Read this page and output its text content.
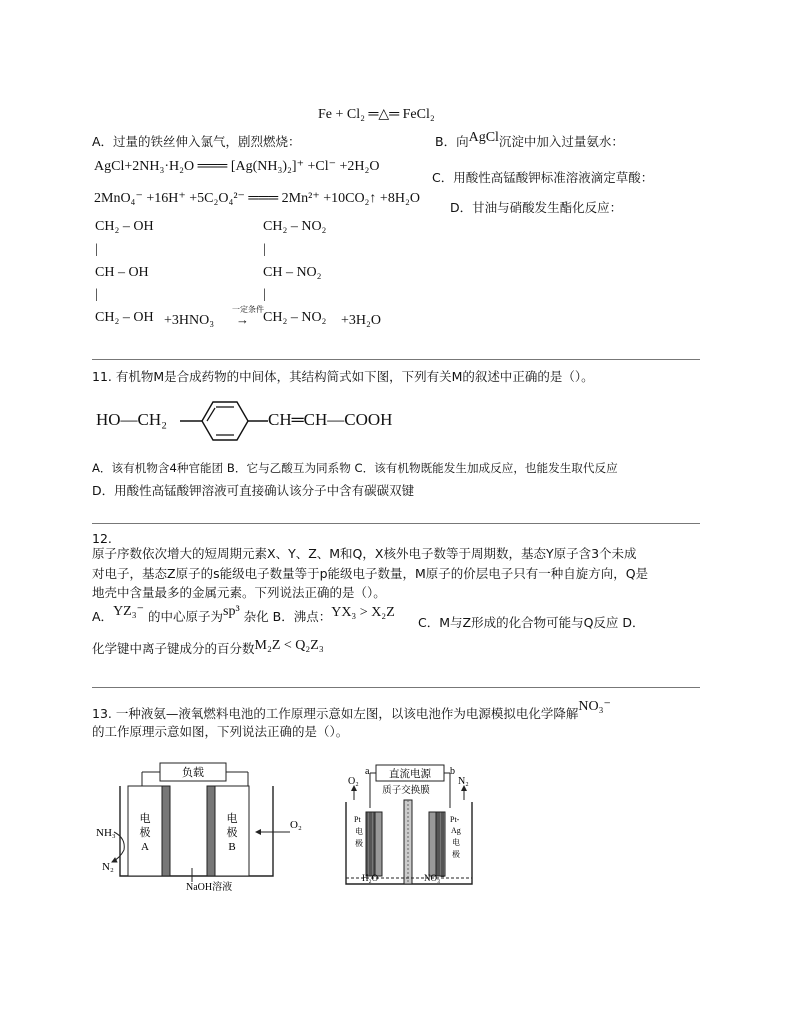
Fe + Cl₂ ═△═ FeCl₂
A．过量的铁丝伸入氯气，剧烈燃烧：	B．向AgCl沉淀中加入过量氨水：
AgCl+2NH₃·H₂O ═══ [Ag(NH₃)₂]⁺ +Cl⁻ +2H₂O
C．用酸性高锰酸钾标准溶液滴定草酸：
2MnO₄⁻ +16H⁺ +5C₂O₄²⁻ ═══ 2Mn²⁺ +10CO₂↑ +8H₂O
D．甘油与硝酸发生酯化反应：
CH₂ – OH
|
CH – OH
|
CH₂ – OH +3HNO₃
一定条件
→
CH₂ – NO₂
|
CH – NO₂
|
CH₂ – NO₂ +3H₂O
11. 有机物M是合成药物的中间体，其结构简式如下图，下列有关M的叙述中正确的是（）。
HO—CH₂	CH═CH—COOH
A．该有机物含4种官能团 B．它与乙酸互为同系物 C．该有机物既能发生加成反应，也能发生取代反应
D．用酸性高锰酸钾溶液可直接确认该分子中含有碳碳双键
12.
原子序数依次增大的短周期元素X、Y、Z、M和Q，X核外电子数等于周期数，基态Y原子含3个未成
对电子，基态Z原子的s能级电子数量等于p能级电子数量，M原子的价层电子只有一种自旋方向，Q是
地壳中含量最多的金属元素。下列说法正确的是（）。
A．YZ₃⁻ 的中心原子为sp³ 杂化 B．沸点：YX₃ > X₂Z
C．M与Z形成的化合物可能与Q反应 D．
化学键中离子键成分的百分数M₂Z < Q₂Z₃
13. 一种液氨—液氧燃料电池的工作原理示意如左图，以该电池作为电源模拟电化学降解NO₃⁻
的工作原理示意如图，下列说法正确的是（）。
负载
电
极
A
电
极
B
NH₃
N₂
O₂
NaOH溶液
直流电源
a	b
O₂	N₂
质子交换膜
Pt
电
极
Pt-
Ag
电
极
H₂O	NO₃⁻
